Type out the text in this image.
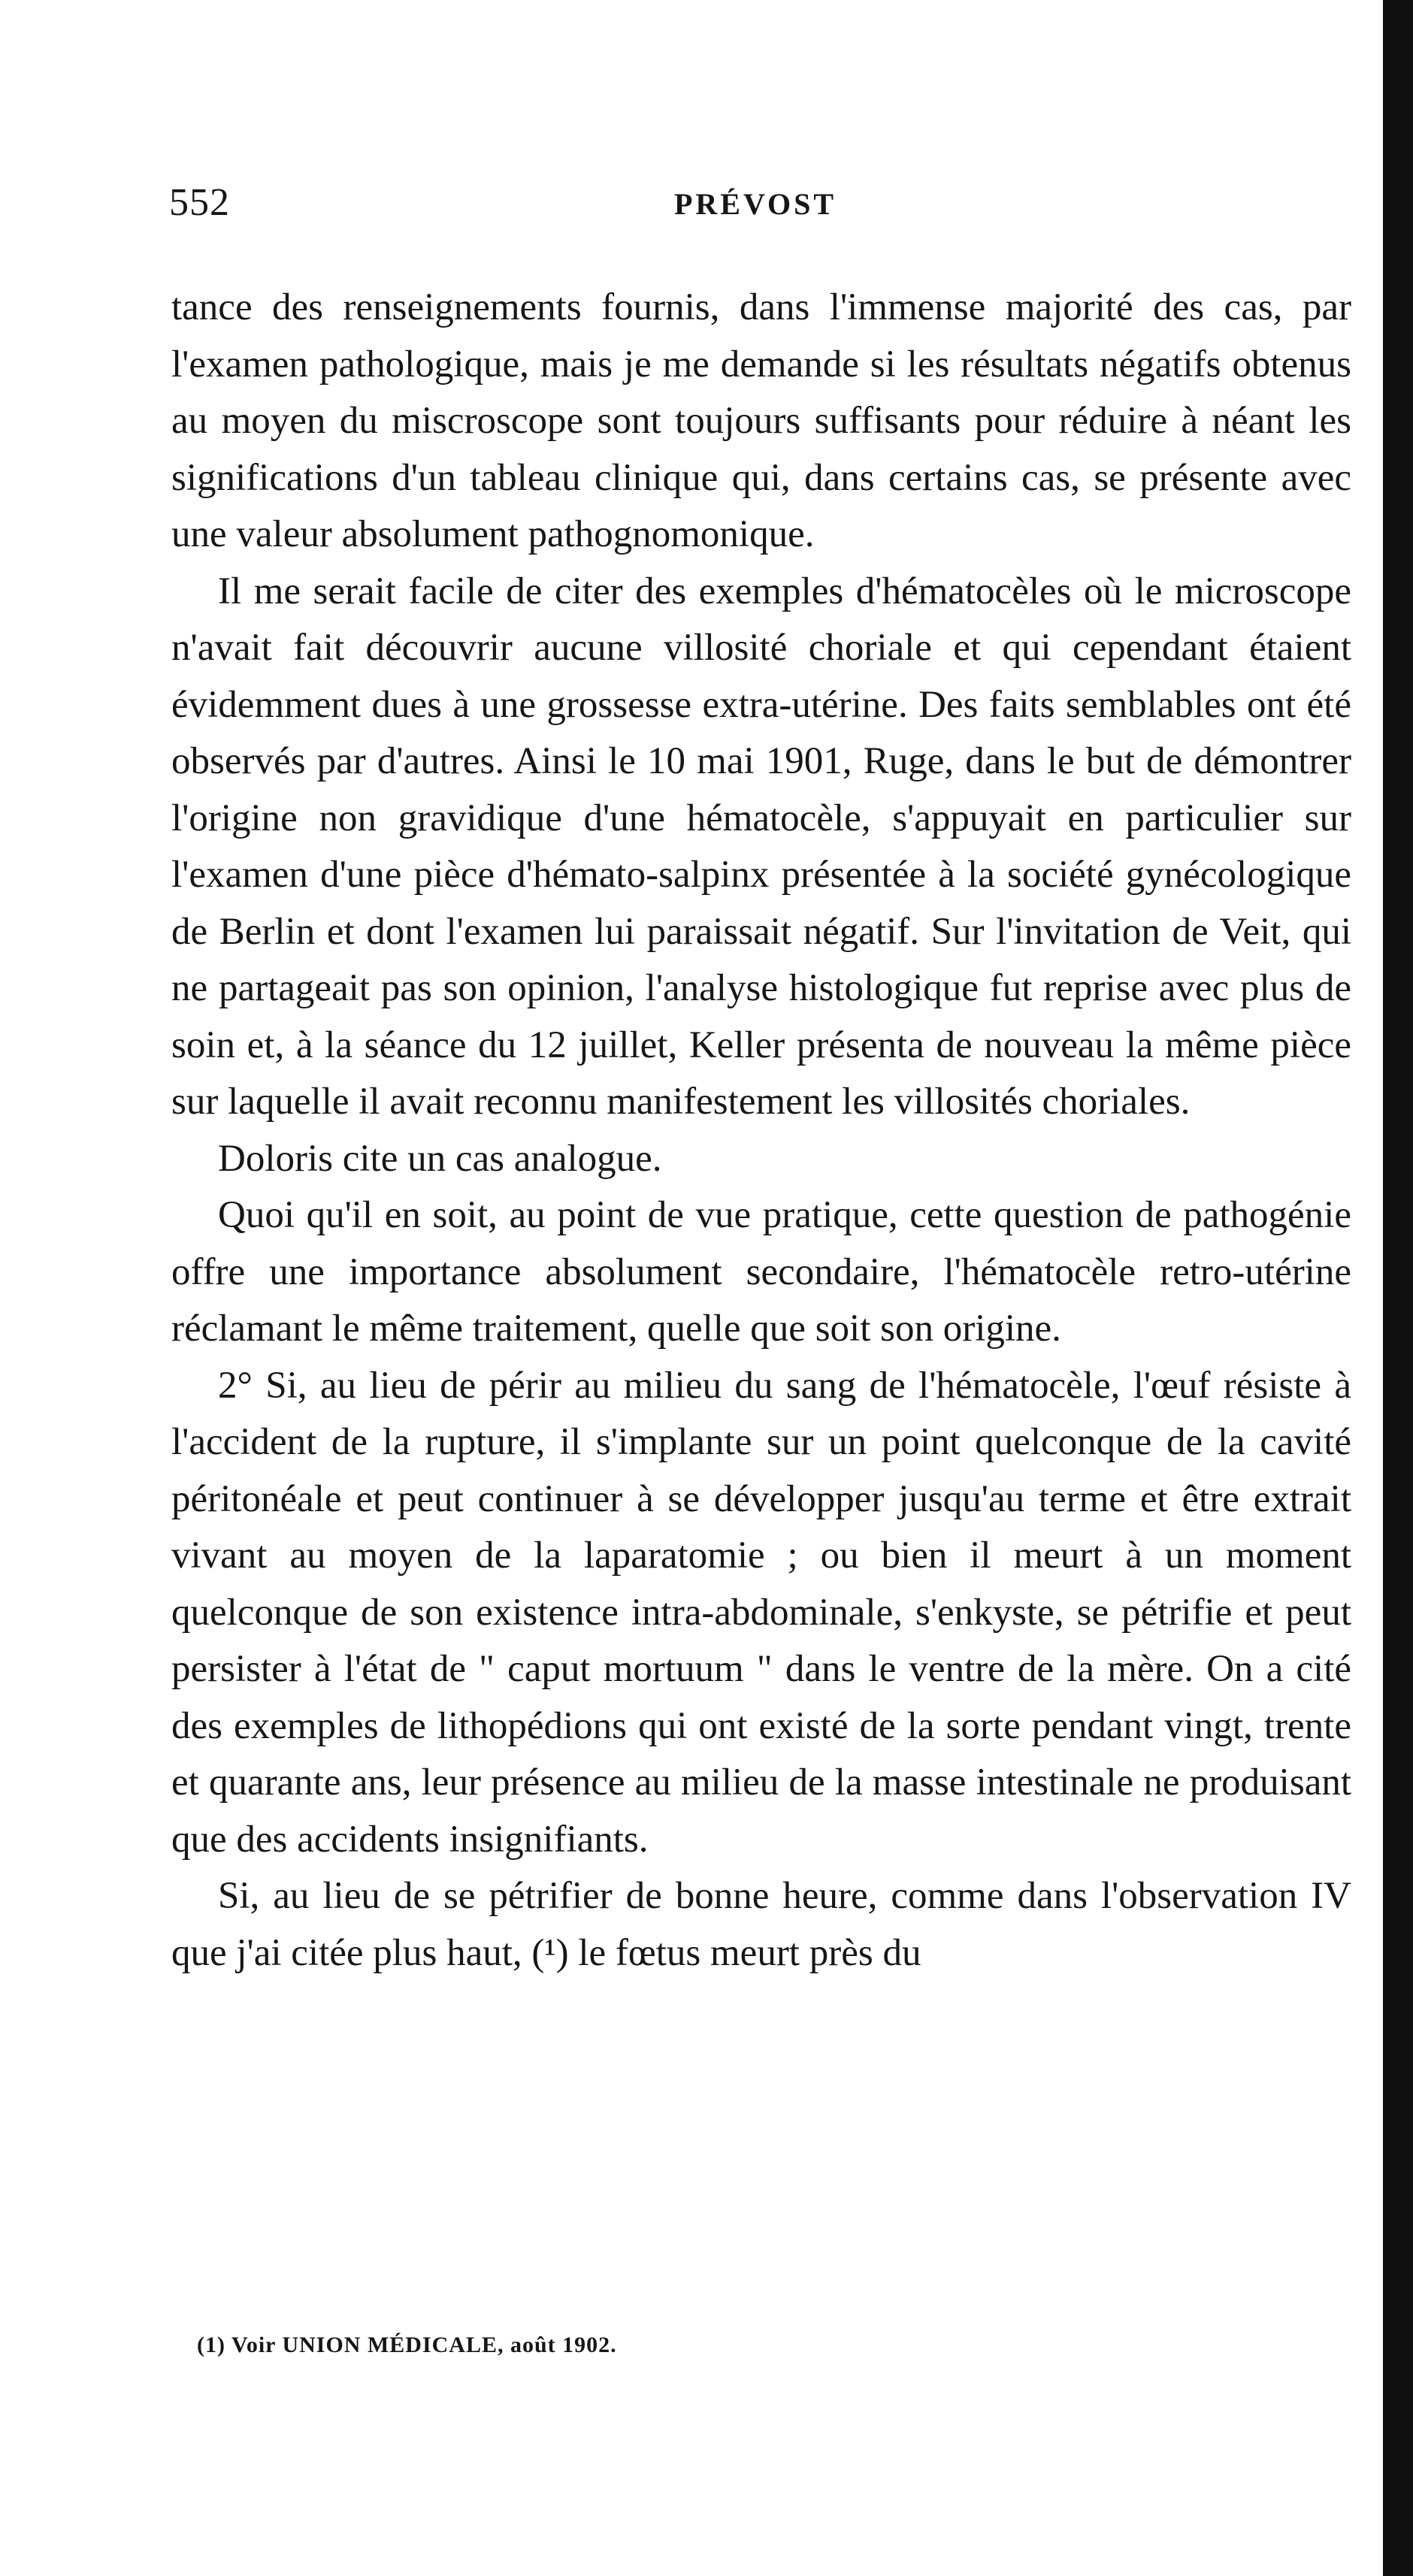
552	PRÉVOST

tance des renseignements fournis, dans l'immense majorité des cas, par l'examen pathologique, mais je me demande si les résultats négatifs obtenus au moyen du miscroscope sont toujours suffisants pour réduire à néant les significations d'un tableau clinique qui, dans certains cas, se présente avec une valeur absolument pathognomonique.

Il me serait facile de citer des exemples d'hématocèles où le microscope n'avait fait découvrir aucune villosité choriale et qui cependant étaient évidemment dues à une grossesse extra-utérine. Des faits semblables ont été observés par d'autres. Ainsi le 10 mai 1901, Ruge, dans le but de démontrer l'origine non gravidique d'une hématocèle, s'appuyait en particulier sur l'examen d'une pièce d'hémato-salpinx présentée à la société gynécologique de Berlin et dont l'examen lui paraissait négatif. Sur l'invitation de Veit, qui ne partageait pas son opinion, l'analyse histologique fut reprise avec plus de soin et, à la séance du 12 juillet, Keller présenta de nouveau la même pièce sur laquelle il avait reconnu manifestement les villosités choriales.

Doloris cite un cas analogue.

Quoi qu'il en soit, au point de vue pratique, cette question de pathogénie offre une importance absolument secondaire, l'hématocèle retro-utérine réclamant le même traitement, quelle que soit son origine.

2° Si, au lieu de périr au milieu du sang de l'hématocèle, l'œuf résiste à l'accident de la rupture, il s'implante sur un point quelconque de la cavité péritonéale et peut continuer à se développer jusqu'au terme et être extrait vivant au moyen de la laparatomie ; ou bien il meurt à un moment quelconque de son existence intra-abdominale, s'enkyste, se pétrifie et peut persister à l'état de " caput mortuum " dans le ventre de la mère. On a cité des exemples de lithopédions qui ont existé de la sorte pendant vingt, trente et quarante ans, leur présence au milieu de la masse intestinale ne produisant que des accidents insignifiants.

Si, au lieu de se pétrifier de bonne heure, comme dans l'observation IV que j'ai citée plus haut, (¹) le fœtus meurt près du

(1) Voir UNION MÉDICALE, août 1902.
